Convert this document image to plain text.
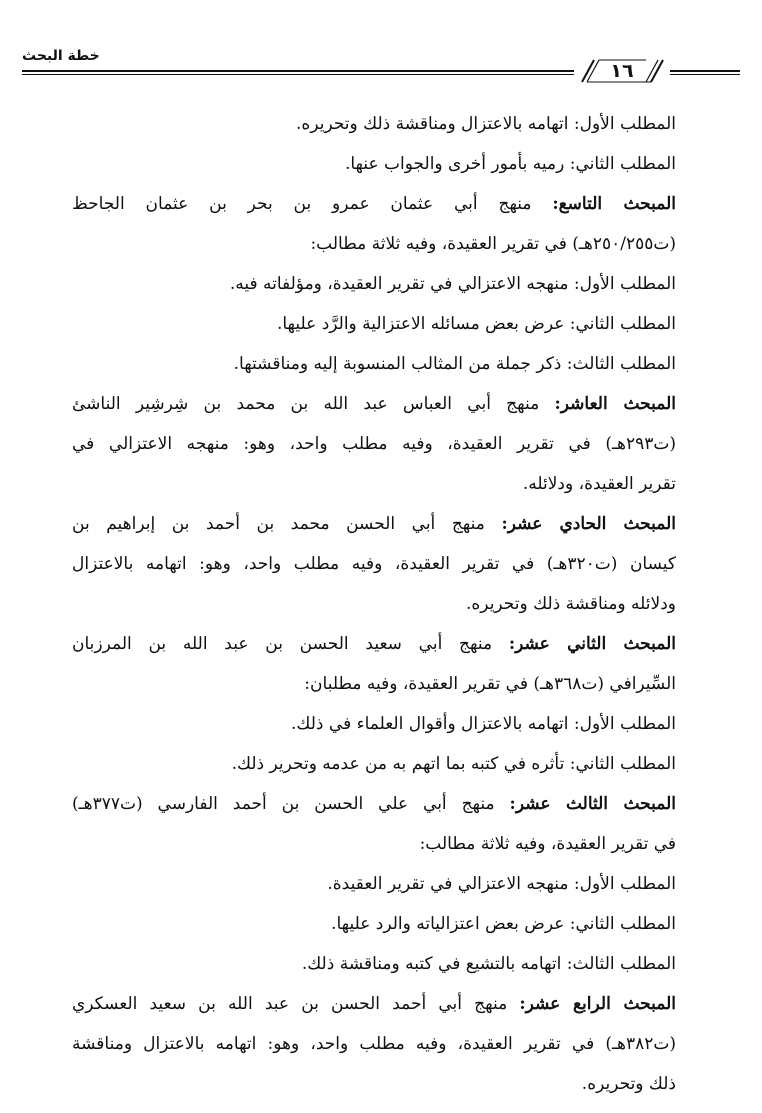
خطة البحث
١٦
المطلب الأول: اتهامه بالاعتزال ومناقشة ذلك وتحريره.
المطلب الثاني: رميه بأمور أخرى والجواب عنها.
المبحث التاسع: منهج أبي عثمان عمرو بن بحر بن عثمان الجاحظ
(ت٢٥٠/٢٥٥هـ) في تقرير العقيدة، وفيه ثلاثة مطالب:
المطلب الأول: منهجه الاعتزالي في تقرير العقيدة، ومؤلفاته فيه.
المطلب الثاني: عرض بعض مسائله الاعتزالية والرَّد عليها.
المطلب الثالث: ذكر جملة من المثالب المنسوبة إليه ومناقشتها.
المبحث العاشر: منهج أبي العباس عبد الله بن محمد بن شِرشِير الناشئ
(ت٢٩٣هـ) في تقرير العقيدة، وفيه مطلب واحد، وهو: منهجه الاعتزالي في
تقرير العقيدة، ودلائله.
المبحث الحادي عشر: منهج أبي الحسن محمد بن أحمد بن إبراهيم بن
كيسان (ت٣٢٠هـ) في تقرير العقيدة، وفيه مطلب واحد، وهو: اتهامه بالاعتزال
ودلائله ومناقشة ذلك وتحريره.
المبحث الثاني عشر: منهج أبي سعيد الحسن بن عبد الله بن المرزبان
السِّيرافي (ت٣٦٨هـ) في تقرير العقيدة، وفيه مطلبان:
المطلب الأول: اتهامه بالاعتزال وأقوال العلماء في ذلك.
المطلب الثاني: تأثره في كتبه بما اتهم به من عدمه وتحرير ذلك.
المبحث الثالث عشر: منهج أبي علي الحسن بن أحمد الفارسي (ت٣٧٧هـ)
في تقرير العقيدة، وفيه ثلاثة مطالب:
المطلب الأول: منهجه الاعتزالي في تقرير العقيدة.
المطلب الثاني: عرض بعض اعتزالياته والرد عليها.
المطلب الثالث: اتهامه بالتشيع في كتبه ومناقشة ذلك.
المبحث الرابع عشر: منهج أبي أحمد الحسن بن عبد الله بن سعيد العسكري
(ت٣٨٢هـ) في تقرير العقيدة، وفيه مطلب واحد، وهو: اتهامه بالاعتزال ومناقشة
ذلك وتحريره.
